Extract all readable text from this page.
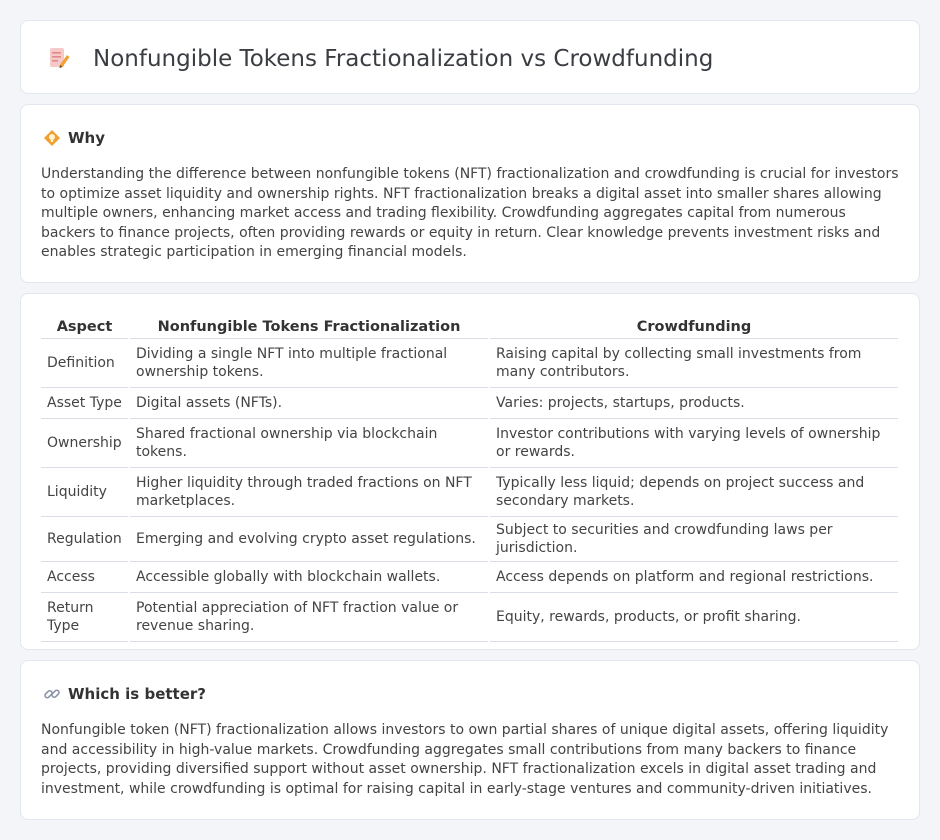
Nonfungible Tokens Fractionalization vs Crowdfunding
Why

Understanding the difference between nonfungible tokens (NFT) fractionalization and crowdfunding is crucial for investors to optimize asset liquidity and ownership rights. NFT fractionalization breaks a digital asset into smaller shares allowing multiple owners, enhancing market access and trading flexibility. Crowdfunding aggregates capital from numerous backers to finance projects, often providing rewards or equity in return. Clear knowledge prevents investment risks and enables strategic participation in emerging financial models.

Aspect	Nonfungible Tokens Fractionalization	Crowdfunding
Definition	Dividing a single NFT into multiple fractional ownership tokens.	Raising capital by collecting small investments from many contributors.
Asset Type	Digital assets (NFTs).	Varies: projects, startups, products.
Ownership	Shared fractional ownership via blockchain tokens.	Investor contributions with varying levels of ownership or rewards.
Liquidity	Higher liquidity through traded fractions on NFT marketplaces.	Typically less liquid; depends on project success and secondary markets.
Regulation	Emerging and evolving crypto asset regulations.	Subject to securities and crowdfunding laws per jurisdiction.
Access	Accessible globally with blockchain wallets.	Access depends on platform and regional restrictions.
Return Type	Potential appreciation of NFT fraction value or revenue sharing.	Equity, rewards, products, or profit sharing.
Which is better?

Nonfungible token (NFT) fractionalization allows investors to own partial shares of unique digital assets, offering liquidity and accessibility in high-value markets. Crowdfunding aggregates small contributions from many backers to finance projects, providing diversified support without asset ownership. NFT fractionalization excels in digital asset trading and investment, while crowdfunding is optimal for raising capital in early-stage ventures and community-driven initiatives.
